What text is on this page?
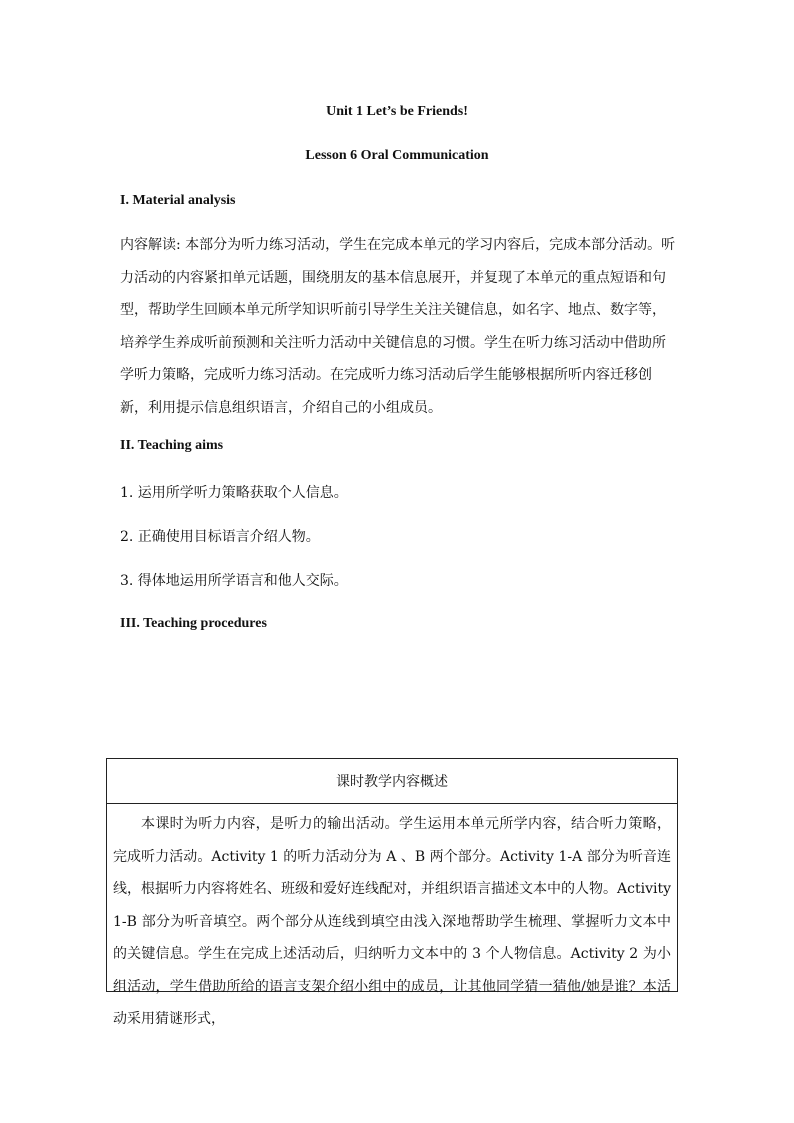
Unit 1 Let’s be Friends!
Lesson 6 Oral Communication
I. Material analysis
内容解读: 本部分为听力练习活动，学生在完成本单元的学习内容后，完成本部分活动。听力活动的内容紧扣单元话题，围绕朋友的基本信息展开，并复现了本单元的重点短语和句型，帮助学生回顾本单元所学知识听前引导学生关注关键信息，如名字、地点、数字等，培养学生养成听前预测和关注听力活动中关键信息的习惯。学生在听力练习活动中借助所学听力策略，完成听力练习活动。在完成听力练习活动后学生能够根据所听内容迁移创新，利用提示信息组织语言，介绍自己的小组成员。
II. Teaching aims
1. 运用所学听力策略获取个人信息。
2. 正确使用目标语言介绍人物。
3. 得体地运用所学语言和他人交际。
III. Teaching procedures
课时教学内容概述
本课时为听力内容，是听力的输出活动。学生运用本单元所学内容，结合听力策略，完成听力活动。Activity 1 的听力活动分为 A 、B 两个部分。Activity 1-A 部分为听音连线，根据听力内容将姓名、班级和爱好连线配对，并组织语言描述文本中的人物。Activity 1-B 部分为听音填空。两个部分从连线到填空由浅入深地帮助学生梳理、掌握听力文本中的关键信息。学生在完成上述活动后，归纳听力文本中的 3 个人物信息。Activity 2 为小组活动，学生借助所给的语言支架介绍小组中的成员，让其他同学猜一猜他/她是谁？本活动采用猜谜形式，
